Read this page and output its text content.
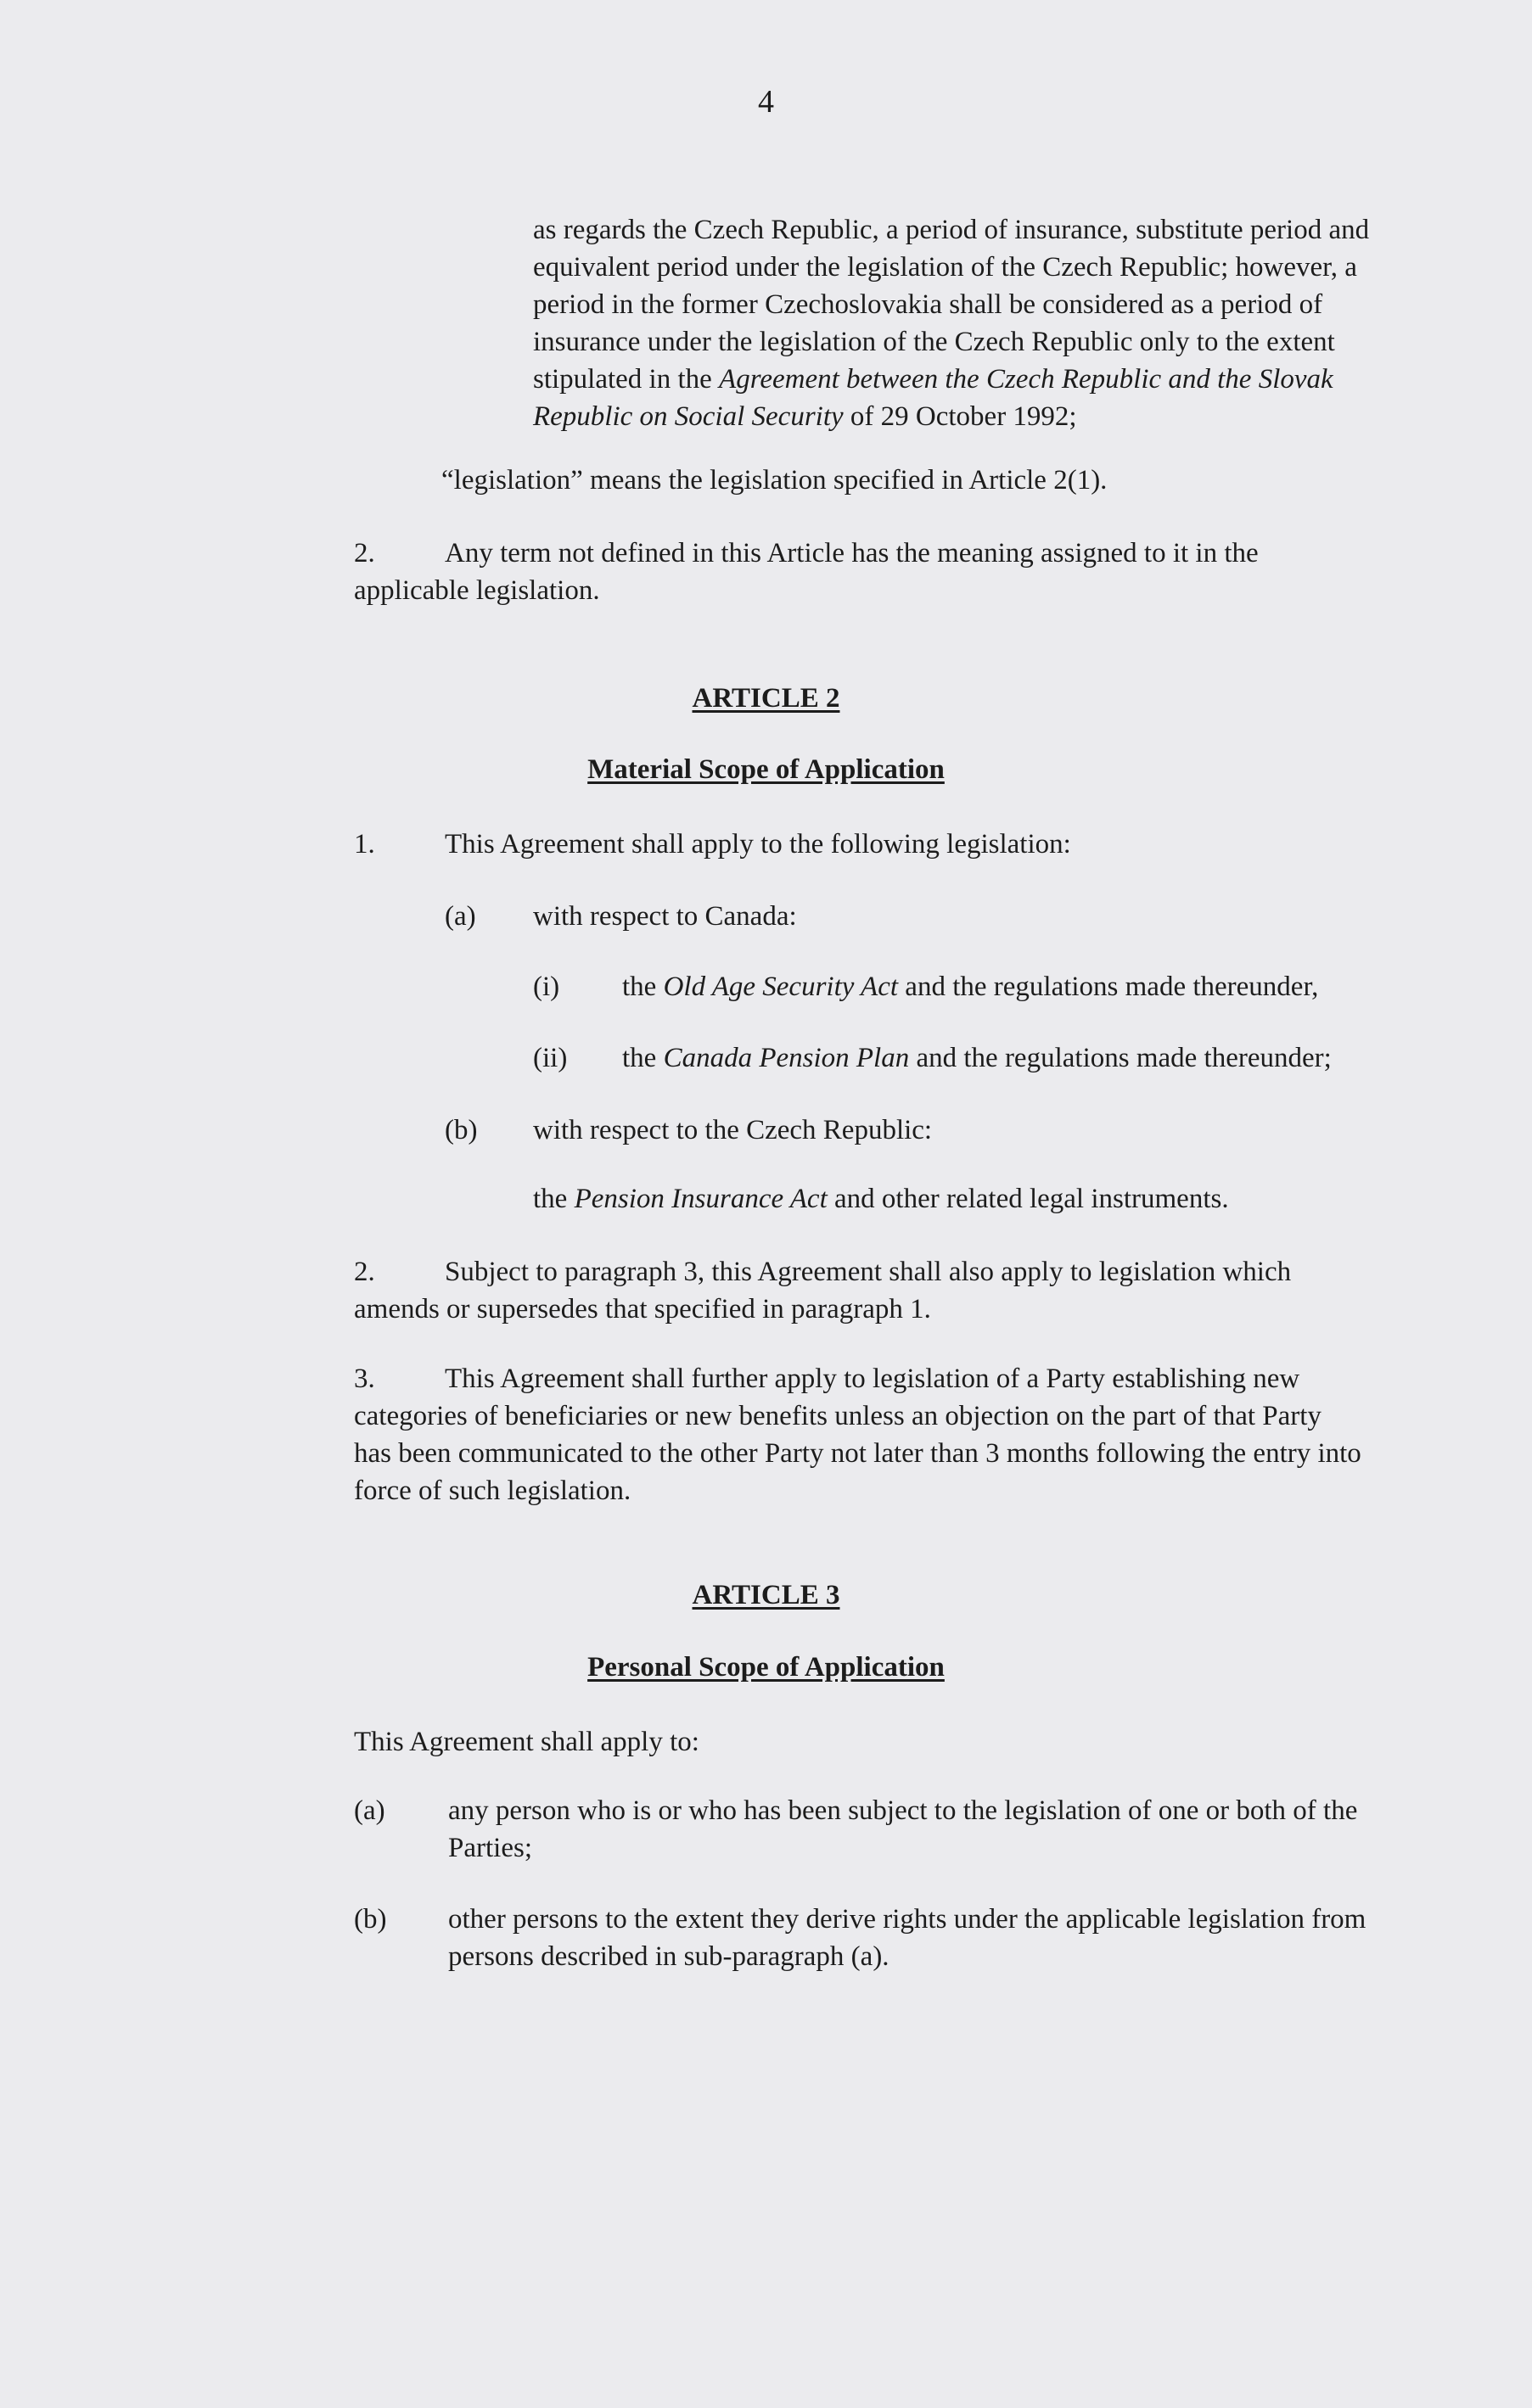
4
as regards the Czech Republic, a period of insurance, substitute period and
equivalent period under the legislation of the Czech Republic; however, a
period in the former Czechoslovakia shall be considered as a period of
insurance under the legislation of the Czech Republic only to the extent
stipulated in the Agreement between the Czech Republic and the Slovak
Republic on Social Security of 29 October 1992;

“legislation” means the legislation specified in Article 2(1).

2.	Any term not defined in this Article has the meaning assigned to it in the
applicable legislation.

ARTICLE 2

Material Scope of Application

1. This Agreement shall apply to the following legislation:

(a) with respect to Canada:

(i) the Old Age Security Act and the regulations made thereunder,

(ii) the Canada Pension Plan and the regulations made thereunder;

(b) with respect to the Czech Republic:

the Pension Insurance Act and other related legal instruments.

2.	Subject to paragraph 3, this Agreement shall also apply to legislation which
amends or supersedes that specified in paragraph 1.

3.	This Agreement shall further apply to legislation of a Party establishing new
categories of beneficiaries or new benefits unless an objection on the part of that Party
has been communicated to the other Party not later than 3 months following the entry into
force of such legislation.

ARTICLE 3

Personal Scope of Application

This Agreement shall apply to:

(a) any person who is or who has been subject to the legislation of one or both of the
Parties;

(b) other persons to the extent they derive rights under the applicable legislation from
persons described in sub-paragraph (a).
